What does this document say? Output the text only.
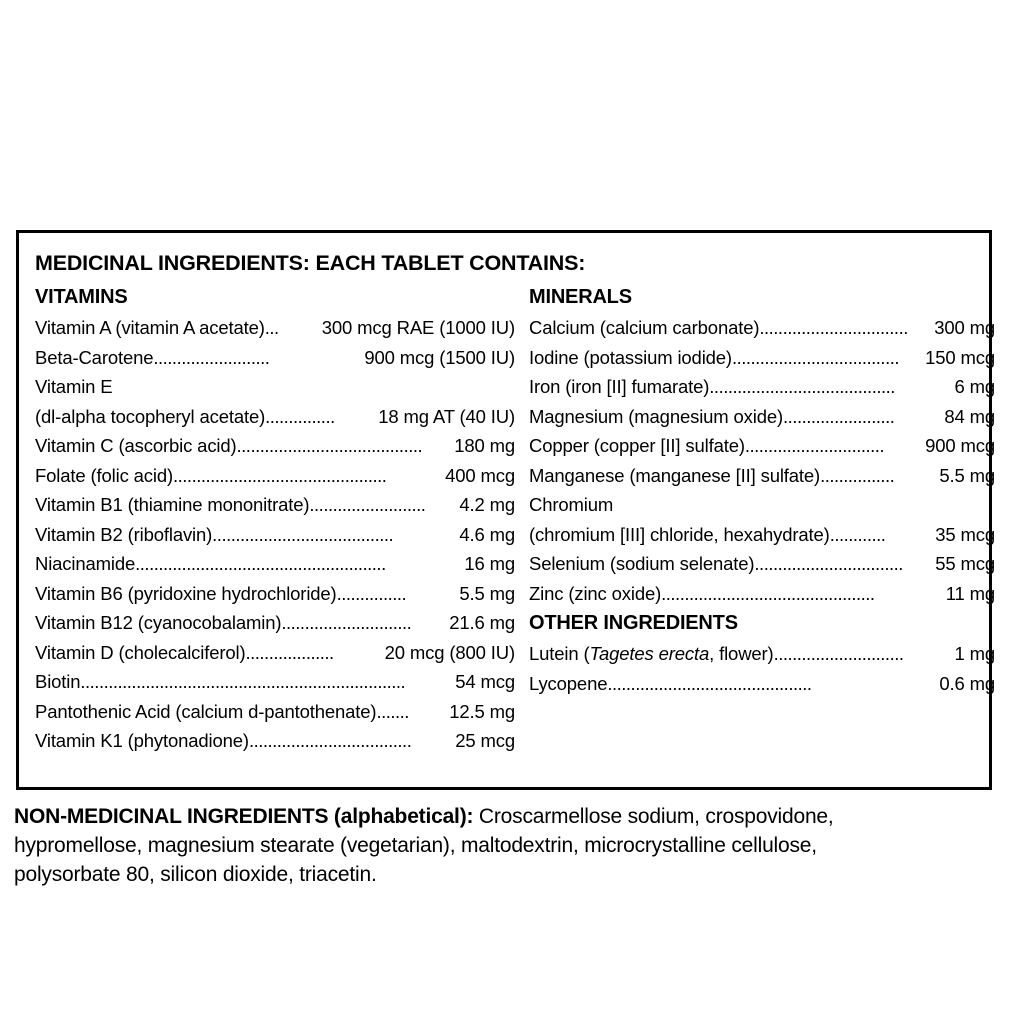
MEDICINAL INGREDIENTS: EACH TABLET CONTAINS:
VITAMINS
Vitamin A (vitamin A acetate) ...	300 mcg RAE (1000 IU)
Beta-Carotene .........................	900 mcg (1500 IU)
Vitamin E
(dl-alpha tocopheryl acetate) ...............	18 mg AT (40 IU)
Vitamin C (ascorbic acid) ........................................	180 mg
Folate (folic acid) ..............................................	400 mcg
Vitamin B1 (thiamine mononitrate) .........................	4.2 mg
Vitamin B2 (riboflavin) .......................................	4.6 mg
Niacinamide ......................................................	16 mg
Vitamin B6 (pyridoxine hydrochloride) ...............	5.5 mg
Vitamin B12 (cyanocobalamin) ............................	21.6 mg
Vitamin D (cholecalciferol) ...................	20 mcg (800 IU)
Biotin ......................................................................	54 mcg
Pantothenic Acid (calcium d-pantothenate) .......	12.5 mg
Vitamin K1 (phytonadione) ...................................	25 mcg
MINERALS
Calcium (calcium carbonate) ................................	300 mg
Iodine (potassium iodide) ....................................	150 mcg
Iron (iron [II] fumarate) ........................................	6 mg
Magnesium (magnesium oxide) ........................	84 mg
Copper (copper [II] sulfate) ..............................	900 mcg
Manganese (manganese [II] sulfate) ................	5.5 mg
Chromium
(chromium [III] chloride, hexahydrate) ............	35 mcg
Selenium (sodium selenate) ................................	55 mcg
Zinc (zinc oxide) ..............................................	11 mg
OTHER INGREDIENTS
Lutein (Tagetes erecta, flower) ............................	1 mg
Lycopene ............................................	0.6 mg
NON-MEDICINAL INGREDIENTS (alphabetical): Croscarmellose sodium, crospovidone,
hypromellose, magnesium stearate (vegetarian), maltodextrin, microcrystalline cellulose,
polysorbate 80, silicon dioxide, triacetin.
